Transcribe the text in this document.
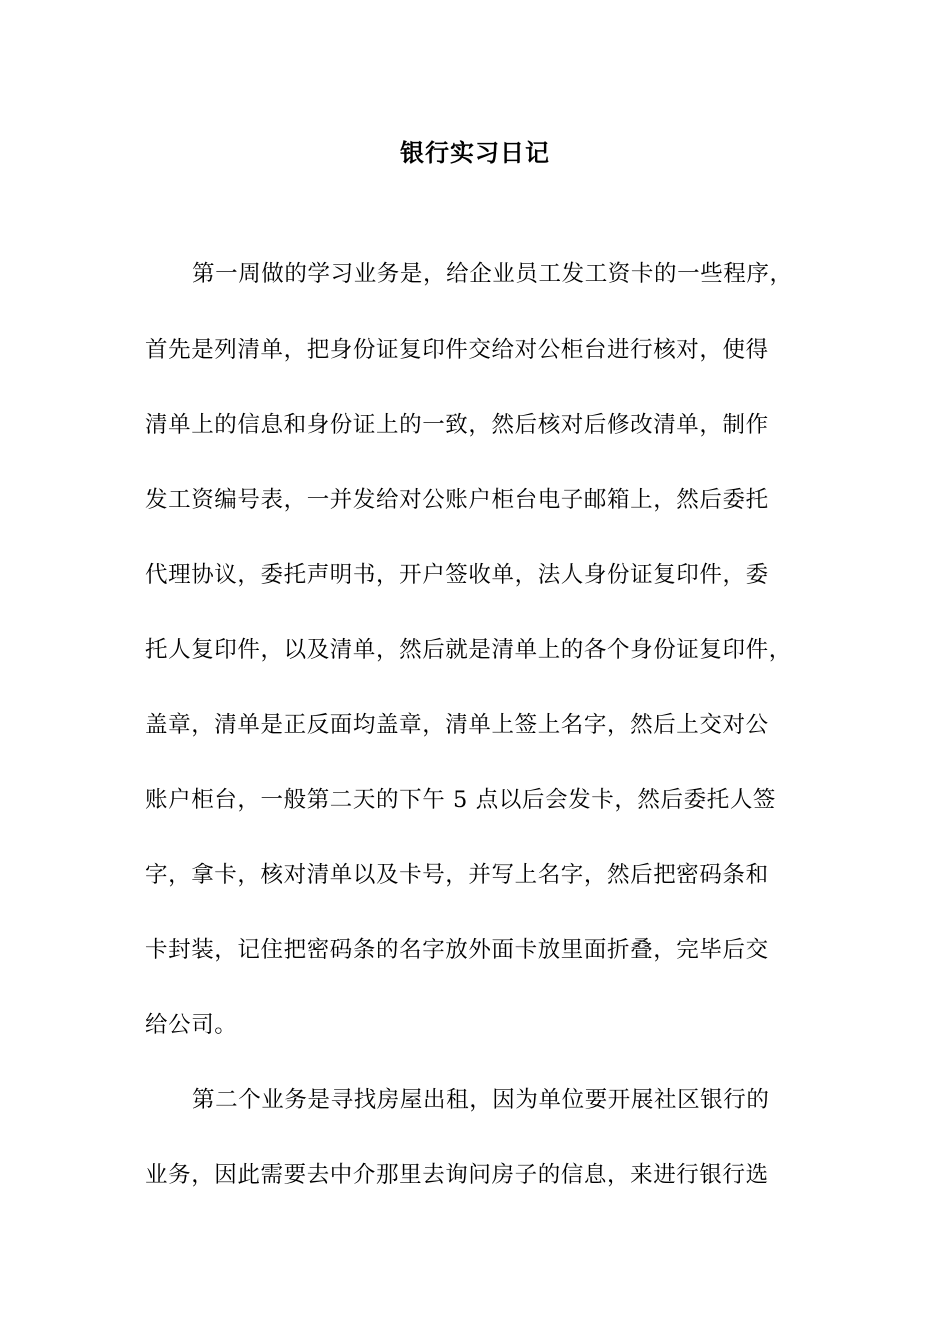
银行实习日记
第一周做的学习业务是，给企业员工发工资卡的一些程序，
首先是列清单，把身份证复印件交给对公柜台进行核对，使得
清单上的信息和身份证上的一致，然后核对后修改清单，制作
发工资编号表，一并发给对公账户柜台电子邮箱上，然后委托
代理协议，委托声明书，开户签收单，法人身份证复印件，委
托人复印件，以及清单，然后就是清单上的各个身份证复印件，
盖章，清单是正反面均盖章，清单上签上名字，然后上交对公
账户柜台，一般第二天的下午 5 点以后会发卡，然后委托人签
字，拿卡，核对清单以及卡号，并写上名字，然后把密码条和
卡封装，记住把密码条的名字放外面卡放里面折叠，完毕后交
给公司。
第二个业务是寻找房屋出租，因为单位要开展社区银行的
业务，因此需要去中介那里去询问房子的信息，来进行银行选
